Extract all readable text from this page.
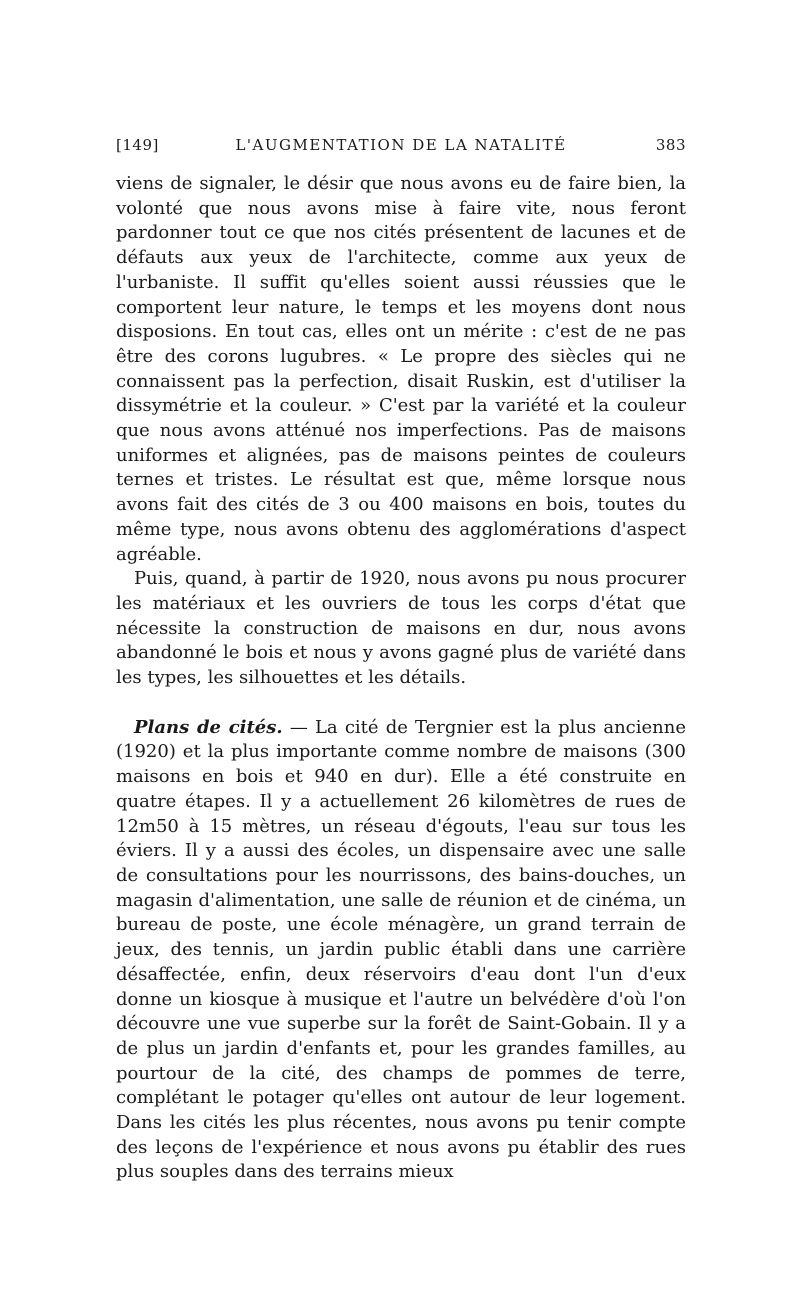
[149]	L'AUGMENTATION DE LA NATALITÉ	383

viens de signaler, le désir que nous avons eu de faire bien, la volonté que nous avons mise à faire vite, nous feront pardonner tout ce que nos cités présentent de lacunes et de défauts aux yeux de l'architecte, comme aux yeux de l'urbaniste. Il suffit qu'elles soient aussi réussies que le comportent leur nature, le temps et les moyens dont nous disposions. En tout cas, elles ont un mérite : c'est de ne pas être des corons lugubres. « Le propre des siècles qui ne connaissent pas la perfection, disait Ruskin, est d'utiliser la dissymétrie et la couleur. » C'est par la variété et la couleur que nous avons atténué nos imperfections. Pas de maisons uniformes et alignées, pas de maisons peintes de couleurs ternes et tristes. Le résultat est que, même lorsque nous avons fait des cités de 3 ou 400 maisons en bois, toutes du même type, nous avons obtenu des agglomérations d'aspect agréable.

Puis, quand, à partir de 1920, nous avons pu nous procurer les matériaux et les ouvriers de tous les corps d'état que nécessite la construction de maisons en dur, nous avons abandonné le bois et nous y avons gagné plus de variété dans les types, les silhouettes et les détails.

Plans de cités. — La cité de Tergnier est la plus ancienne (1920) et la plus importante comme nombre de maisons (300 maisons en bois et 940 en dur). Elle a été construite en quatre étapes. Il y a actuellement 26 kilomètres de rues de 12m50 à 15 mètres, un réseau d'égouts, l'eau sur tous les éviers. Il y a aussi des écoles, un dispensaire avec une salle de consultations pour les nourrissons, des bains-douches, un magasin d'alimentation, une salle de réunion et de cinéma, un bureau de poste, une école ménagère, un grand terrain de jeux, des tennis, un jardin public établi dans une carrière désaffectée, enfin, deux réservoirs d'eau dont l'un d'eux donne un kiosque à musique et l'autre un belvédère d'où l'on découvre une vue superbe sur la forêt de Saint-Gobain. Il y a de plus un jardin d'enfants et, pour les grandes familles, au pourtour de la cité, des champs de pommes de terre, complétant le potager qu'elles ont autour de leur logement. Dans les cités les plus récentes, nous avons pu tenir compte des leçons de l'expérience et nous avons pu établir des rues plus souples dans des terrains mieux
